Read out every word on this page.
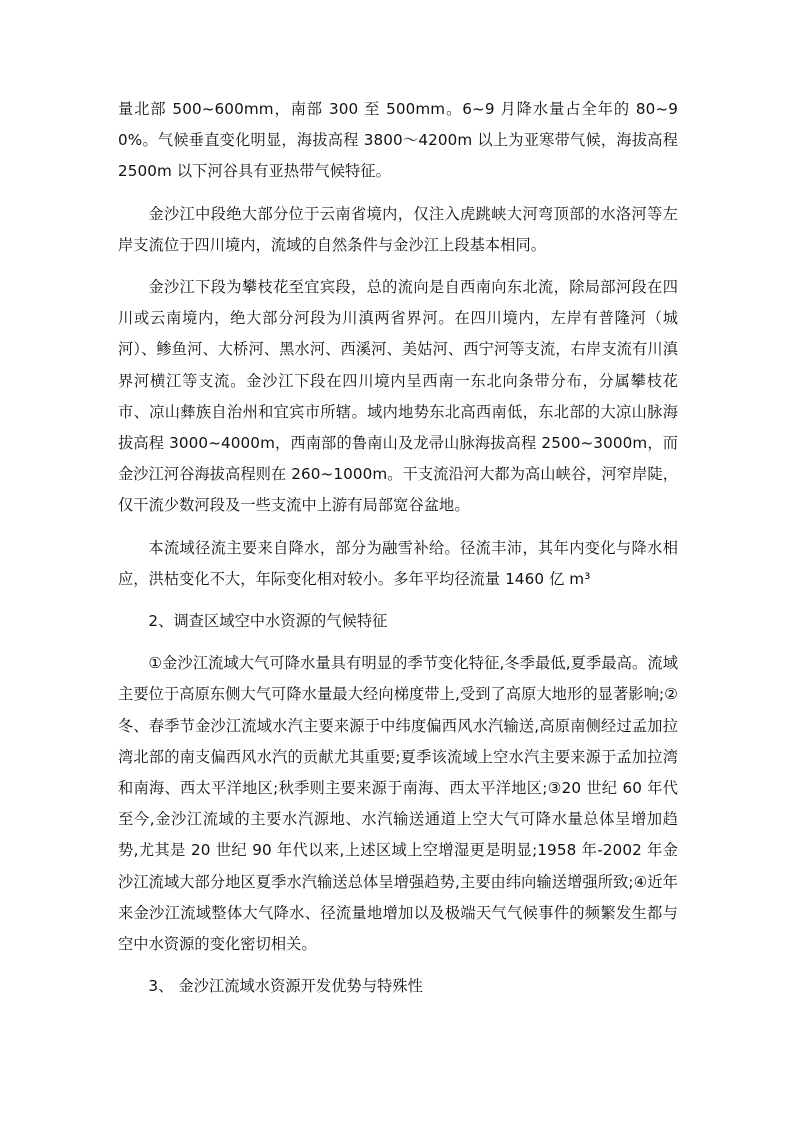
量北部 500~600mm，南部 300 至 500mm。6~9 月降水量占全年的 80~90%。气候垂直变化明显，海拔高程 3800～4200m 以上为亚寒带气候，海拔高程 2500m 以下河谷具有亚热带气候特征。

金沙江中段绝大部分位于云南省境内，仅注入虎跳峡大河弯顶部的水洛河等左岸支流位于四川境内，流域的自然条件与金沙江上段基本相同。

金沙江下段为攀枝花至宜宾段，总的流向是自西南向东北流，除局部河段在四川或云南境内，绝大部分河段为川滇两省界河。在四川境内，左岸有普隆河（城河）、鲹鱼河、大桥河、黑水河、西溪河、美姑河、西宁河等支流，右岸支流有川滇界河横江等支流。金沙江下段在四川境内呈西南一东北向条带分布，分属攀枝花市、凉山彝族自治州和宜宾市所辖。域内地势东北高西南低，东北部的大凉山脉海拔高程 3000~4000m，西南部的鲁南山及龙帚山脉海拔高程 2500~3000m，而金沙江河谷海拔高程则在 260~1000m。干支流沿河大都为高山峡谷，河窄岸陡，仅干流少数河段及一些支流中上游有局部宽谷盆地。

本流域径流主要来自降水，部分为融雪补给。径流丰沛，其年内变化与降水相应，洪枯变化不大，年际变化相对较小。多年平均径流量 1460 亿 m³

2、调查区域空中水资源的气候特征

①金沙江流域大气可降水量具有明显的季节变化特征,冬季最低,夏季最高。流域主要位于高原东侧大气可降水量最大经向梯度带上,受到了高原大地形的显著影响;②冬、春季节金沙江流域水汽主要来源于中纬度偏西风水汽输送,高原南侧经过孟加拉湾北部的南支偏西风水汽的贡献尤其重要;夏季该流域上空水汽主要来源于孟加拉湾和南海、西太平洋地区;秋季则主要来源于南海、西太平洋地区;③20 世纪 60 年代至今,金沙江流域的主要水汽源地、水汽输送通道上空大气可降水量总体呈增加趋势,尤其是 20 世纪 90 年代以来,上述区域上空增湿更是明显;1958 年-2002 年金沙江流域大部分地区夏季水汽输送总体呈增强趋势,主要由纬向输送增强所致;④近年来金沙江流域整体大气降水、径流量地增加以及极端天气气候事件的频繁发生都与空中水资源的变化密切相关。

3、 金沙江流域水资源开发优势与特殊性
